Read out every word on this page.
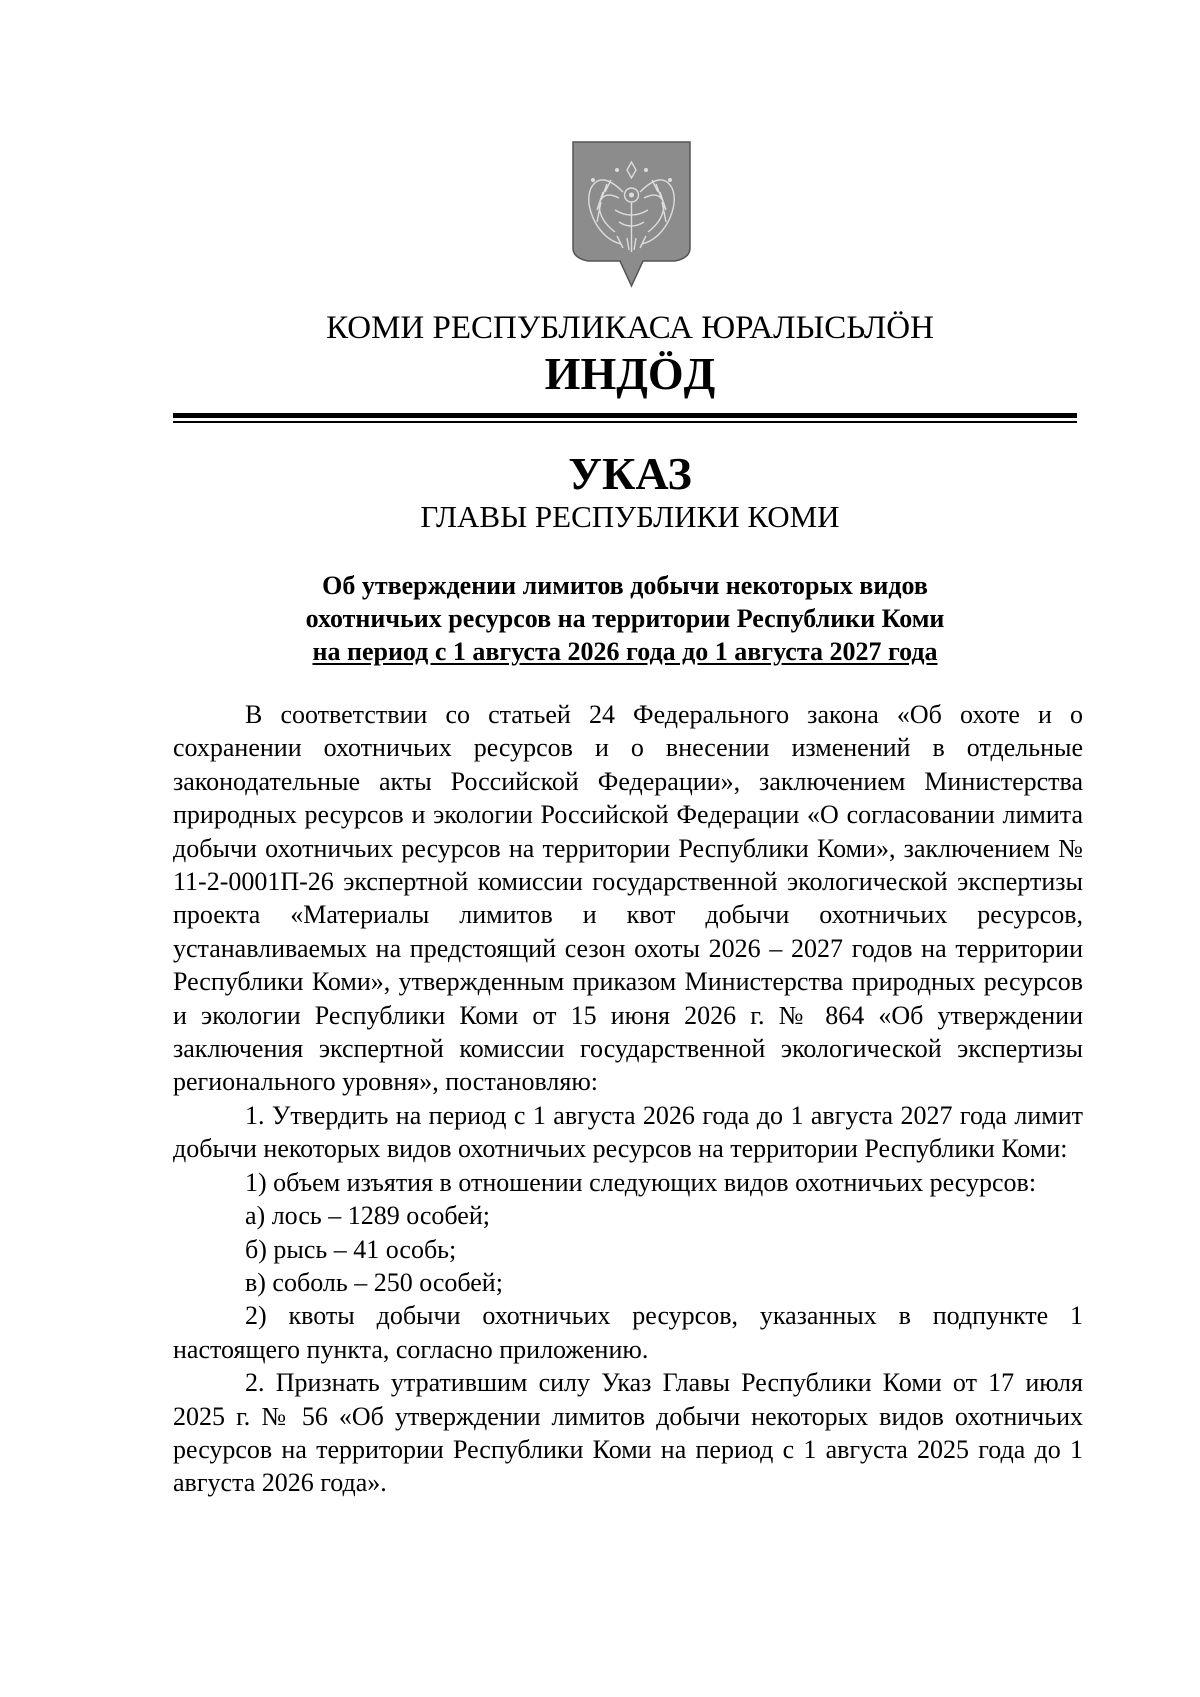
КОМИ РЕСПУБЛИКАСА ЮРАЛЫСЬЛӦН
ИНДӦД
УКАЗ
ГЛАВЫ РЕСПУБЛИКИ КОМИ
Об утверждении лимитов добычи некоторых видов
охотничьих ресурсов на территории Республики Коми
на период с 1 августа 2026 года до 1 августа 2027 года

В соответствии со статьей 24 Федерального закона «Об охоте и о сохранении охотничьих ресурсов и о внесении изменений в отдельные законодательные акты Российской Федерации», заключением Министерства природных ресурсов и экологии Российской Федерации «О согласовании лимита добычи охотничьих ресурсов на территории Республики Коми», заключением № 11-2-0001П-26 экспертной комиссии государственной экологической экспертизы проекта «Материалы лимитов и квот добычи охотничьих ресурсов, устанавливаемых на предстоящий сезон охоты 2026 – 2027 годов на территории Республики Коми», утвержденным приказом Министерства природных ресурсов и экологии Республики Коми от 15 июня 2026 г. № 864 «Об утверждении заключения экспертной комиссии государственной экологической экспертизы регионального уровня», постановляю:

1. Утвердить на период с 1 августа 2026 года до 1 августа 2027 года лимит добычи некоторых видов охотничьих ресурсов на территории Республики Коми:

1) объем изъятия в отношении следующих видов охотничьих ресурсов:

а) лось – 1289 особей;

б) рысь – 41 особь;

в) соболь – 250 особей;

2) квоты добычи охотничьих ресурсов, указанных в подпункте 1 настоящего пункта, согласно приложению.

2. Признать утратившим силу Указ Главы Республики Коми от 17 июля 2025 г. № 56 «Об утверждении лимитов добычи некоторых видов охотничьих ресурсов на территории Республики Коми на период с 1 августа 2025 года до 1 августа 2026 года».
